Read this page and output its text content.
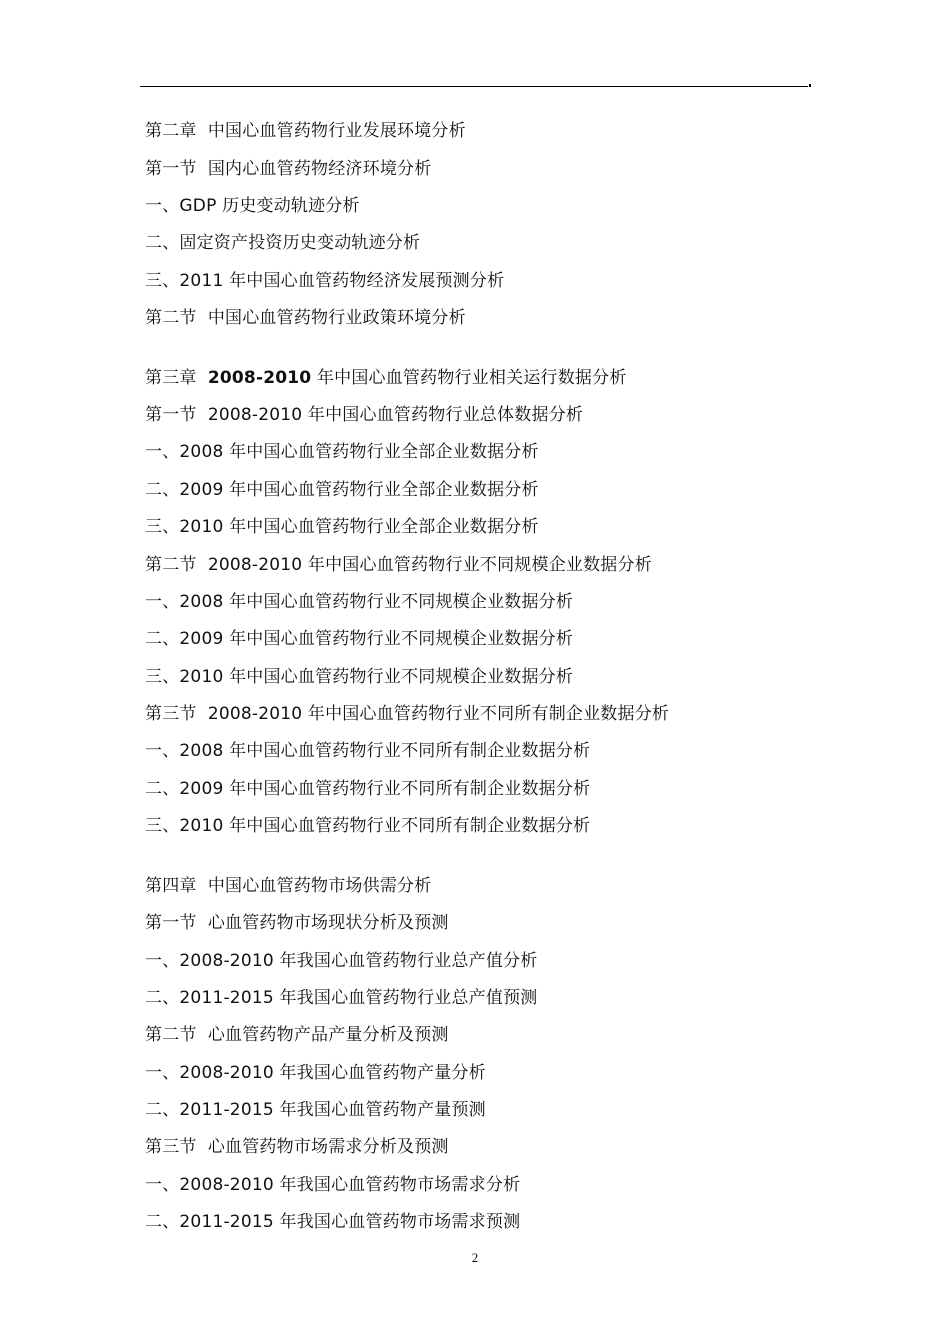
第二章 中国心血管药物行业发展环境分析
第一节 国内心血管药物经济环境分析
一、GDP 历史变动轨迹分析
二、固定资产投资历史变动轨迹分析
三、2011 年中国心血管药物经济发展预测分析
第二节 中国心血管药物行业政策环境分析
第三章 2008-2010 年中国心血管药物行业相关运行数据分析
第一节 2008-2010 年中国心血管药物行业总体数据分析
一、2008 年中国心血管药物行业全部企业数据分析
二、2009 年中国心血管药物行业全部企业数据分析
三、2010 年中国心血管药物行业全部企业数据分析
第二节 2008-2010 年中国心血管药物行业不同规模企业数据分析
一、2008 年中国心血管药物行业不同规模企业数据分析
二、2009 年中国心血管药物行业不同规模企业数据分析
三、2010 年中国心血管药物行业不同规模企业数据分析
第三节 2008-2010 年中国心血管药物行业不同所有制企业数据分析
一、2008 年中国心血管药物行业不同所有制企业数据分析
二、2009 年中国心血管药物行业不同所有制企业数据分析
三、2010 年中国心血管药物行业不同所有制企业数据分析
第四章 中国心血管药物市场供需分析
第一节 心血管药物市场现状分析及预测
一、2008-2010 年我国心血管药物行业总产值分析
二、2011-2015 年我国心血管药物行业总产值预测
第二节 心血管药物产品产量分析及预测
一、2008-2010 年我国心血管药物产量分析
二、2011-2015 年我国心血管药物产量预测
第三节 心血管药物市场需求分析及预测
一、2008-2010 年我国心血管药物市场需求分析
二、2011-2015 年我国心血管药物市场需求预测
2
